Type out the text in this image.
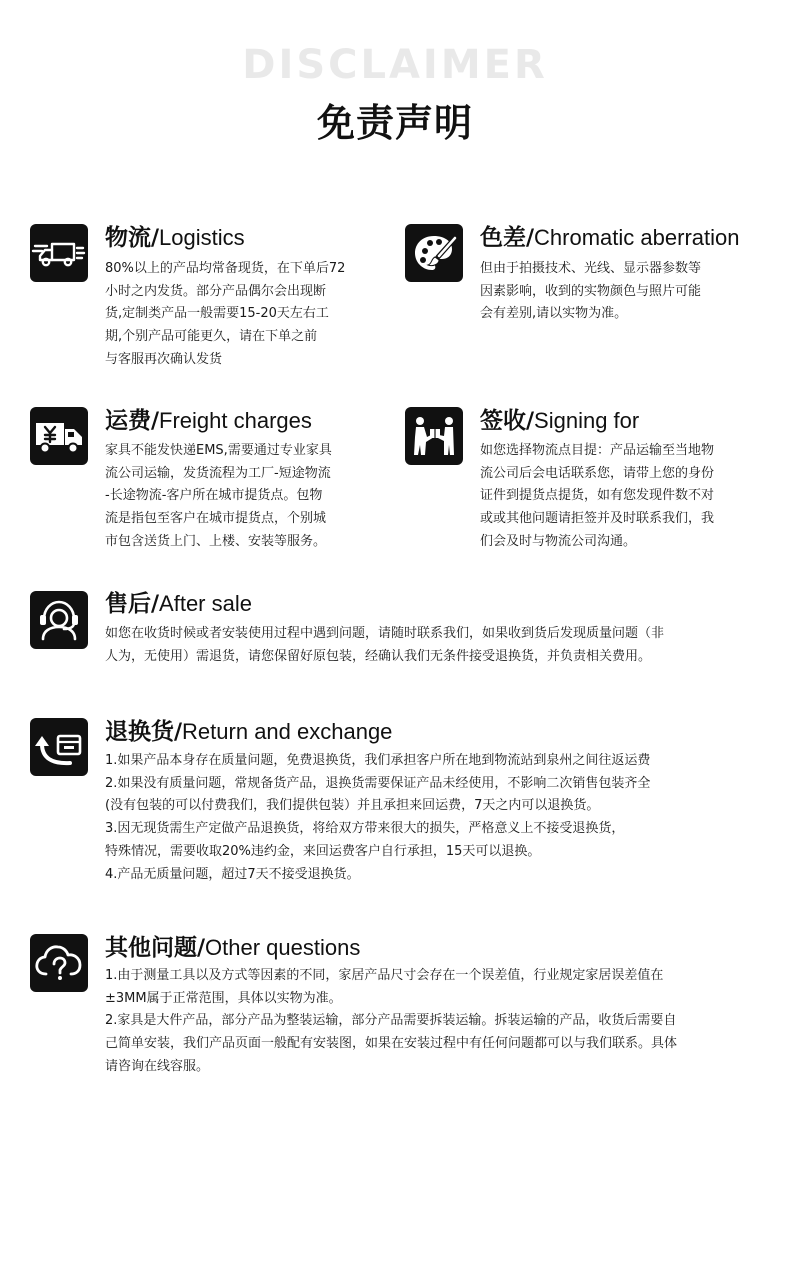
DISCLAIMER
免责声明
物流/Logistics

80%以上的产品均常备现货，在下单后72

小时之内发货。部分产品偶尔会出现断

货,定制类产品一般需要15-20天左右工

期,个别产品可能更久，请在下单之前

与客服再次确认发货

色差/Chromatic aberration

但由于拍摄技术、光线、显示器参数等

因素影响，收到的实物颜色与照片可能

会有差别,请以实物为准。

运费/Freight charges

家具不能发快递EMS,需要通过专业家具

流公司运输，发货流程为工厂-短途物流

-长途物流-客户所在城市提货点。包物

流是指包至客户在城市提货点，个别城

市包含送货上门、上楼、安装等服务。

签收/Signing for

如您选择物流点目提：产品运输至当地物

流公司后会电话联系您，请带上您的身份

证件到提货点提货，如有您发现件数不对

或或其他问题请拒签并及时联系我们，我

们会及时与物流公司沟通。

售后/After sale

如您在收货时候或者安装使用过程中遇到问题，请随时联系我们，如果收到货后发现质量问题（非

人为，无使用）需退货，请您保留好原包装，经确认我们无条件接受退换货，并负责相关费用。

退换货/Return and exchange

1.如果产品本身存在质量问题，免费退换货，我们承担客户所在地到物流站到泉州之间往返运费

2.如果没有质量问题，常规备货产品，退换货需要保证产品未经使用，不影响二次销售包装齐全

(没有包装的可以付费我们，我们提供包装）并且承担来回运费，7天之内可以退换货。

3.因无现货需生产定做产品退换货，将给双方带来很大的损失，严格意义上不接受退换货，

特殊情况，需要收取20%违约金，来回运费客户自行承担，15天可以退换。

4.产品无质量问题，超过7天不接受退换货。

其他问题/Other questions

1.由于测量工具以及方式等因素的不同，家居产品尺寸会存在一个误差值，行业规定家居误差值在

±3MM属于正常范围，具体以实物为准。

2.家具是大件产品，部分产品为整装运输，部分产品需要拆装运输。拆装运输的产品，收货后需要自

己简单安装，我们产品页面一般配有安装图，如果在安装过程中有任何问题都可以与我们联系。具体

请咨询在线容服。
